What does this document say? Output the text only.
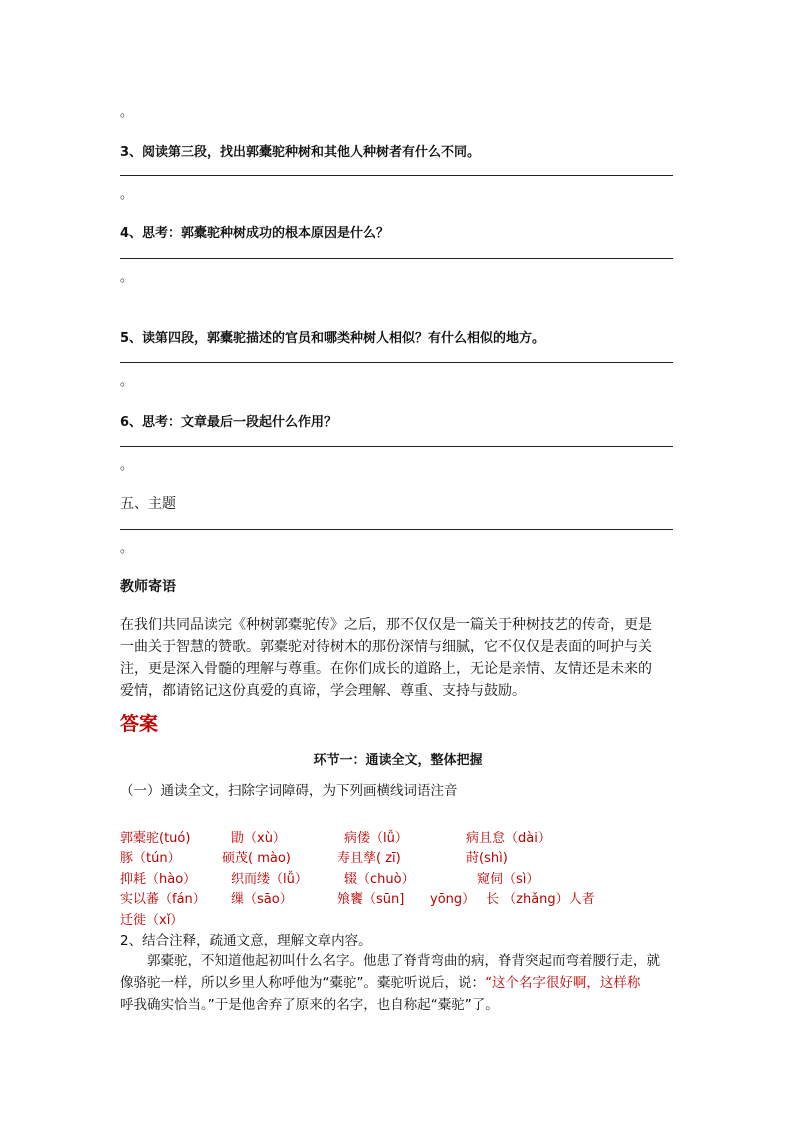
。
3、阅读第三段，找出郭橐驼种树和其他人种树者有什么不同。
。
4、思考：郭橐驼种树成功的根本原因是什么？
。
5、读第四段，郭橐驼描述的官员和哪类种树人相似？有什么相似的地方。
。
6、思考：文章最后一段起什么作用？
。
五、主题
。
教师寄语
在我们共同品读完《种树郭橐驼传》之后，那不仅仅是一篇关于种树技艺的传奇，更是
一曲关于智慧的赞歌。郭橐驼对待树木的那份深情与细腻，它不仅仅是表面的呵护与关
注，更是深入骨髓的理解与尊重。在你们成长的道路上，无论是亲情、友情还是未来的
爱情，都请铭记这份真爱的真谛，学会理解、尊重、支持与鼓励。
答案
环节一：通读全文，整体把握
（一）通读全文，扫除字词障碍，为下列画横线词语注音
郭橐驼(tuó)	勖（xù）	病偻（lǚ）	病且怠（dài）
豚（tún）	硕茂( mào)	寿且孳( zī)	莳(shì)
抑耗（hào）	织而缕（lǚ）	辍（chuò）	窥伺（sì）
实以蕃（fán） 缫（sāo）	飧饔（sūn] yōng） 长 （zhǎng）人者
迁徙（xǐ）
2、结合注释，疏通文意，理解文章内容。
郭橐驼，不知道他起初叫什么名字。他患了脊背弯曲的病，脊背突起而弯着腰行走，就
像骆驼一样，所以乡里人称呼他为“橐驼”。橐驼听说后，说：“这个名字很好啊，这样称
呼我确实恰当。”于是他舍弃了原来的名字，也自称起“橐驼”了。
